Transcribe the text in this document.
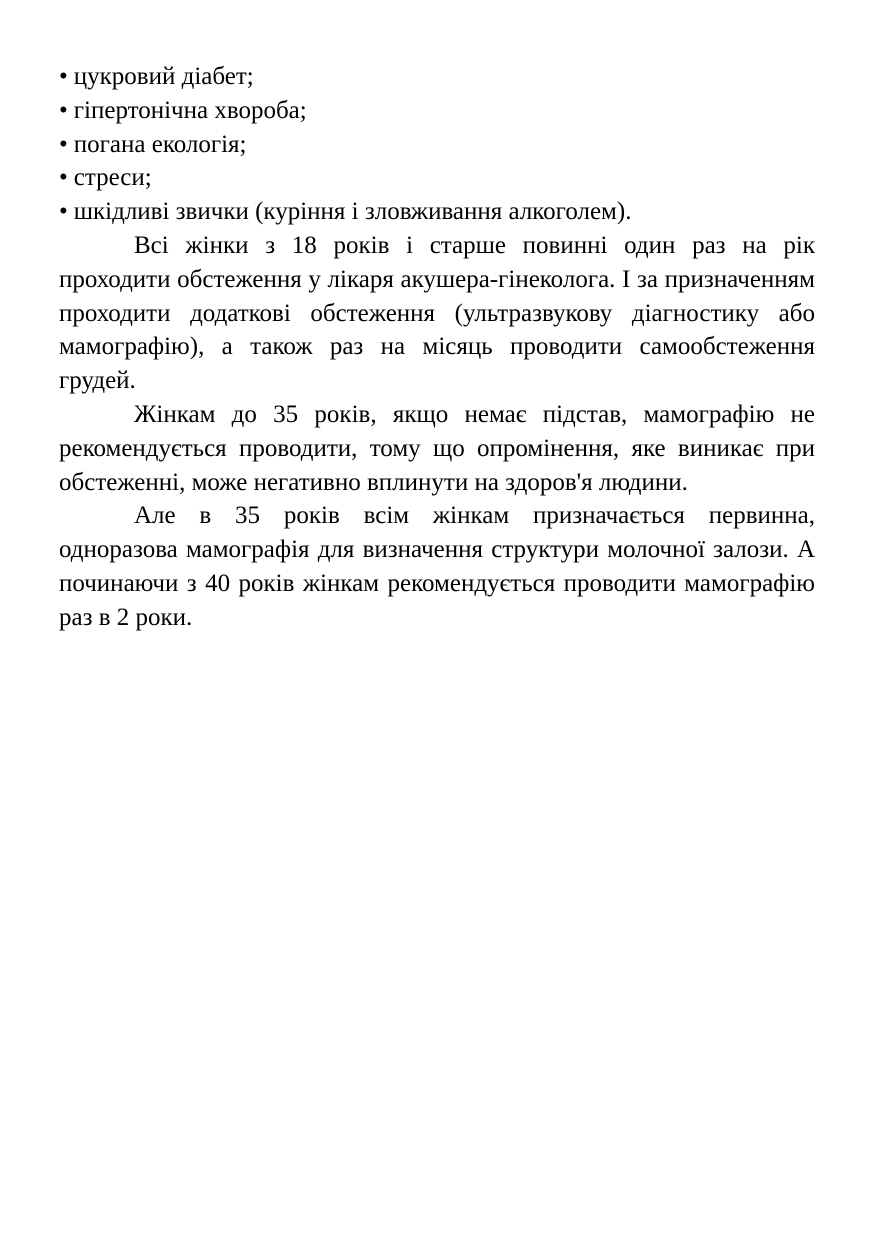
• цукровий діабет;
• гіпертонічна хвороба;
• погана екологія;
• стреси;
• шкідливі звички (куріння і зловживання алкоголем).

Всі жінки з 18 років і старше повинні один раз на рік проходити обстеження у лікаря акушера-гінеколога. І за призначенням проходити додаткові обстеження (ультразвукову діагностику або мамографію), а також раз на місяць проводити самообстеження грудей.

Жінкам до 35 років, якщо немає підстав, мамографію не рекомендується проводити, тому що опромінення, яке виникає при обстеженні, може негативно вплинути на здоров'я людини.

Але в 35 років всім жінкам призначається первинна, одноразова мамографія для визначення структури молочної залози. А починаючи з 40 років жінкам рекомендується проводити мамографію раз в 2 роки.
